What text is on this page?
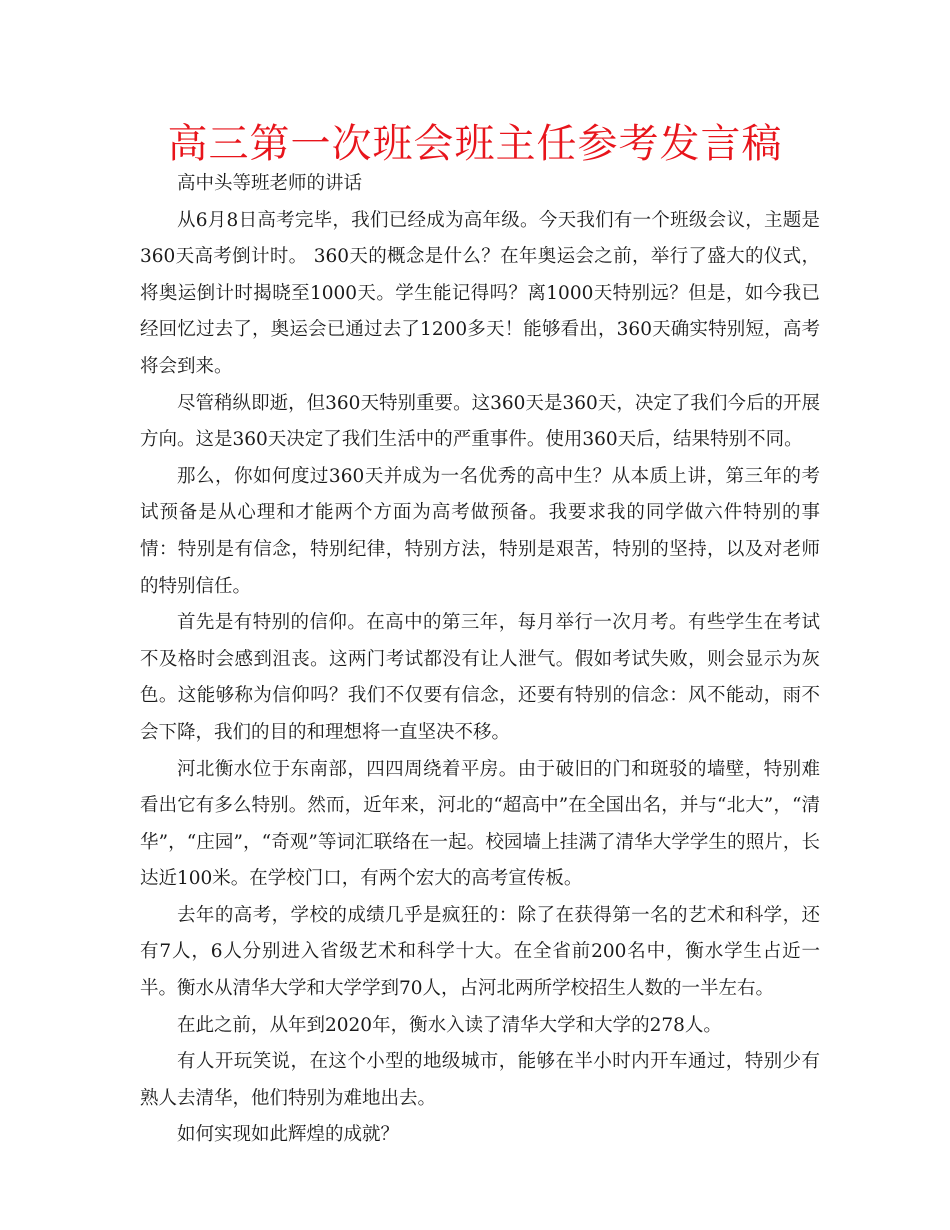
高三第一次班会班主任参考发言稿

高中头等班老师的讲话

从6月8日高考完毕，我们已经成为高年级。今天我们有一个班级会议，主题是360天高考倒计时。 360天的概念是什么？在年奥运会之前，举行了盛大的仪式，将奥运倒计时揭晓至1000天。学生能记得吗？离1000天特别远？但是，如今我已经回忆过去了，奥运会已通过去了1200多天！能够看出，360天确实特别短，高考将会到来。

尽管稍纵即逝，但360天特别重要。这360天是360天，决定了我们今后的开展方向。这是360天决定了我们生活中的严重事件。使用360天后，结果特别不同。

那么，你如何度过360天并成为一名优秀的高中生？从本质上讲，第三年的考试预备是从心理和才能两个方面为高考做预备。我要求我的同学做六件特别的事情：特别是有信念，特别纪律，特别方法，特别是艰苦，特别的坚持，以及对老师的特别信任。

首先是有特别的信仰。在高中的第三年，每月举行一次月考。有些学生在考试不及格时会感到沮丧。这两门考试都没有让人泄气。假如考试失败，则会显示为灰色。这能够称为信仰吗？我们不仅要有信念，还要有特别的信念：风不能动，雨不会下降，我们的目的和理想将一直坚决不移。

河北衡水位于东南部，四四周绕着平房。由于破旧的门和斑驳的墙壁，特别难看出它有多么特别。然而，近年来，河北的“超高中”在全国出名，并与“北大”，“清华”，“庄园”，“奇观”等词汇联络在一起。校园墙上挂满了清华大学学生的照片，长达近100米。在学校门口，有两个宏大的高考宣传板。

去年的高考，学校的成绩几乎是疯狂的：除了在获得第一名的艺术和科学，还有7人，6人分别进入省级艺术和科学十大。在全省前200名中，衡水学生占近一半。衡水从清华大学和大学学到70人，占河北两所学校招生人数的一半左右。

在此之前，从年到2020年，衡水入读了清华大学和大学的278人。

有人开玩笑说，在这个小型的地级城市，能够在半小时内开车通过，特别少有熟人去清华，他们特别为难地出去。

如何实现如此辉煌的成就？
